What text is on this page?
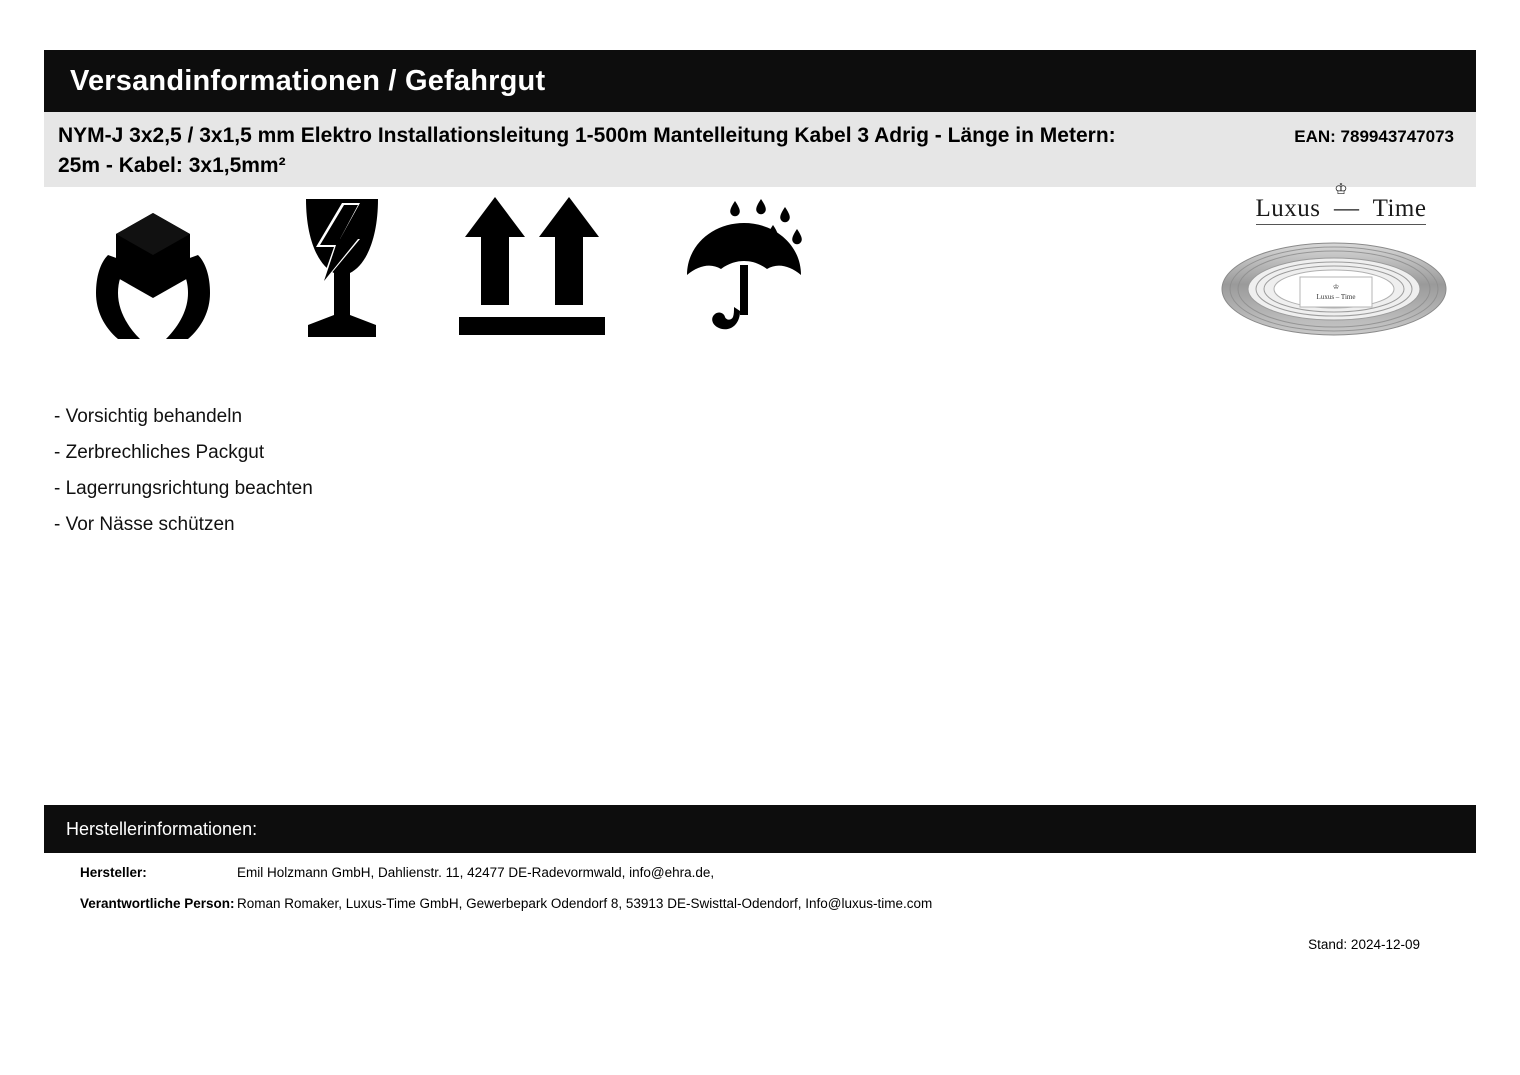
Versandinformationen / Gefahrgut
NYM-J 3x2,5 / 3x1,5 mm Elektro Installationsleitung 1-500m Mantelleitung Kabel 3 Adrig - Länge in Metern: 25m - Kabel: 3x1,5mm²
EAN: 789943747073
♔
Luxus  —  Time
♔
Luxus – Time
- Vorsichtig behandeln
- Zerbrechliches Packgut
- Lagerrungsrichtung beachten
- Vor Nässe schützen
Herstellerinformationen:
Hersteller:	Emil Holzmann GmbH, Dahlienstr. 11, 42477 DE-Radevormwald, info@ehra.de,
Verantwortliche Person: Roman Romaker, Luxus-Time GmbH, Gewerbepark Odendorf 8, 53913 DE-Swisttal-Odendorf, Info@luxus-time.com
Stand: 2024-12-09
